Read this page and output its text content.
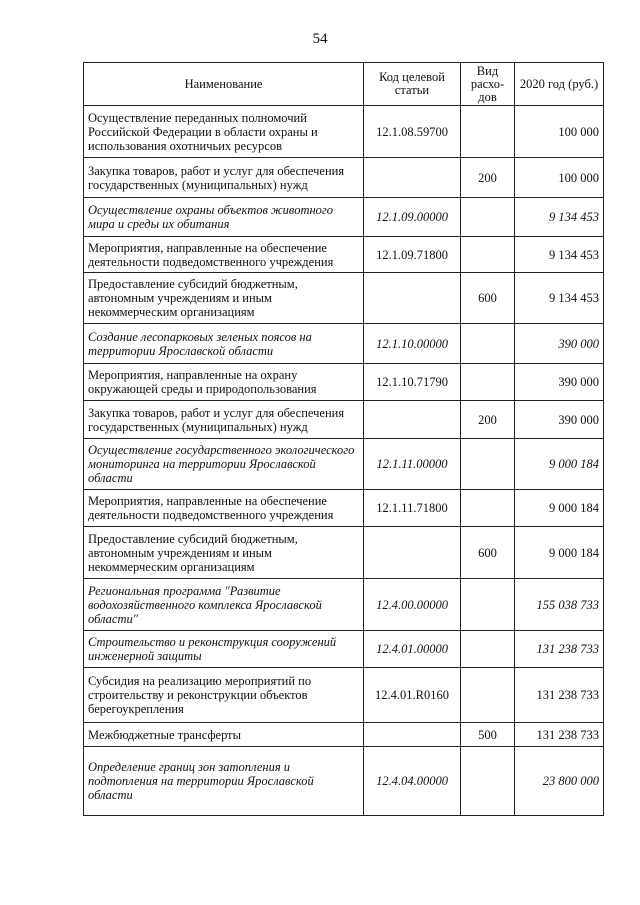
54
Наименование	Код целевой статьи	Вид расхо-дов	2020 год (руб.)
Осуществление переданных полномочий Российской Федерации в области охраны и использования охотничьих ресурсов	12.1.08.59700		100 000
Закупка товаров, работ и услуг для обеспечения государственных (муниципальных) нужд		200	100 000
Осуществление охраны объектов животного мира и среды их обитания	12.1.09.00000		9 134 453
Мероприятия, направленные на обеспечение деятельности подведомственного учреждения	12.1.09.71800		9 134 453
Предоставление субсидий бюджетным, автономным учреждениям и иным некоммерческим организациям		600	9 134 453
Создание лесопарковых зеленых поясов на территории Ярославской области	12.1.10.00000		390 000
Мероприятия, направленные на охрану окружающей среды и природопользования	12.1.10.71790		390 000
Закупка товаров, работ и услуг для обеспечения государственных (муниципальных) нужд		200	390 000
Осуществление государственного экологического мониторинга на территории Ярославской области	12.1.11.00000		9 000 184
Мероприятия, направленные на обеспечение деятельности подведомственного учреждения	12.1.11.71800		9 000 184
Предоставление субсидий бюджетным, автономным учреждениям и иным некоммерческим организациям		600	9 000 184
Региональная программа "Развитие водохозяйственного комплекса Ярославской области"	12.4.00.00000		155 038 733
Строительство и реконструкция сооружений инженерной защиты	12.4.01.00000		131 238 733
Субсидия на реализацию мероприятий по строительству и реконструкции объектов берегоукрепления	12.4.01.R0160		131 238 733
Межбюджетные трансферты		500	131 238 733
Определение границ зон затопления и подтопления на территории Ярославской области	12.4.04.00000		23 800 000
